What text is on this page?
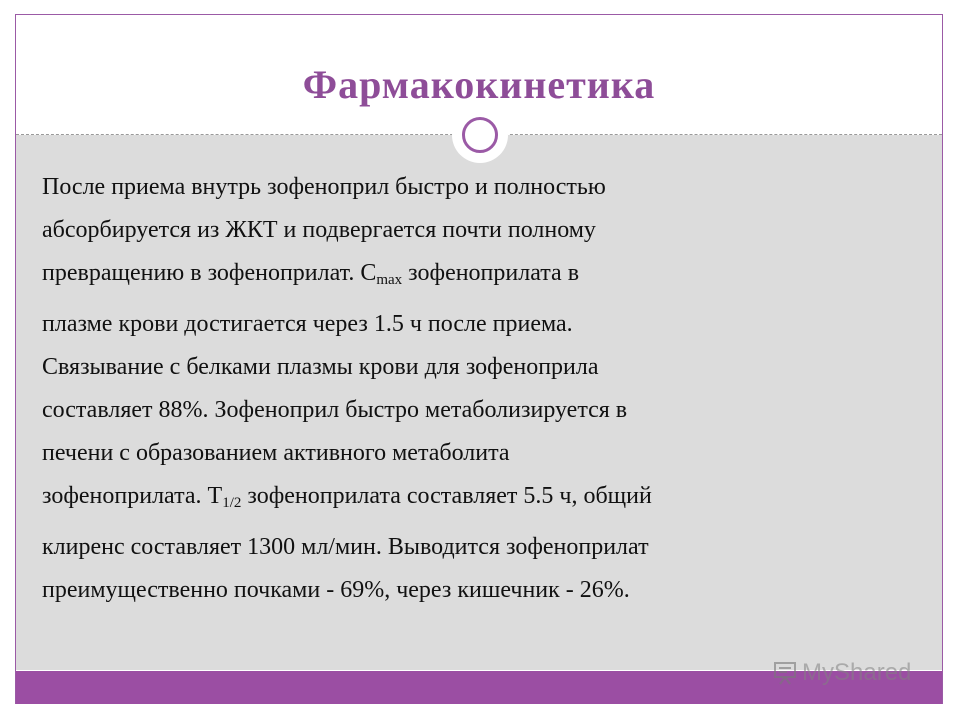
Фармакокинетика
После приема внутрь зофеноприл быстро и полностью
абсорбируется из ЖКТ и подвергается почти полному
превращению в зофеноприлат. $С_{max}$ зофеноприлата в
плазме крови достигается через 1.5 ч после приема.
Связывание с белками плазмы крови для зофеноприла
составляет 88%. Зофеноприл быстро метаболизируется в
печени с образованием активного метаболита
зофеноприлата. $Т_{1/2}$ зофеноприлата составляет 5.5 ч, общий
клиренс составляет 1300 мл/мин. Выводится зофеноприлат
преимущественно почками - 69%, через кишечник - 26%.
MyShared
